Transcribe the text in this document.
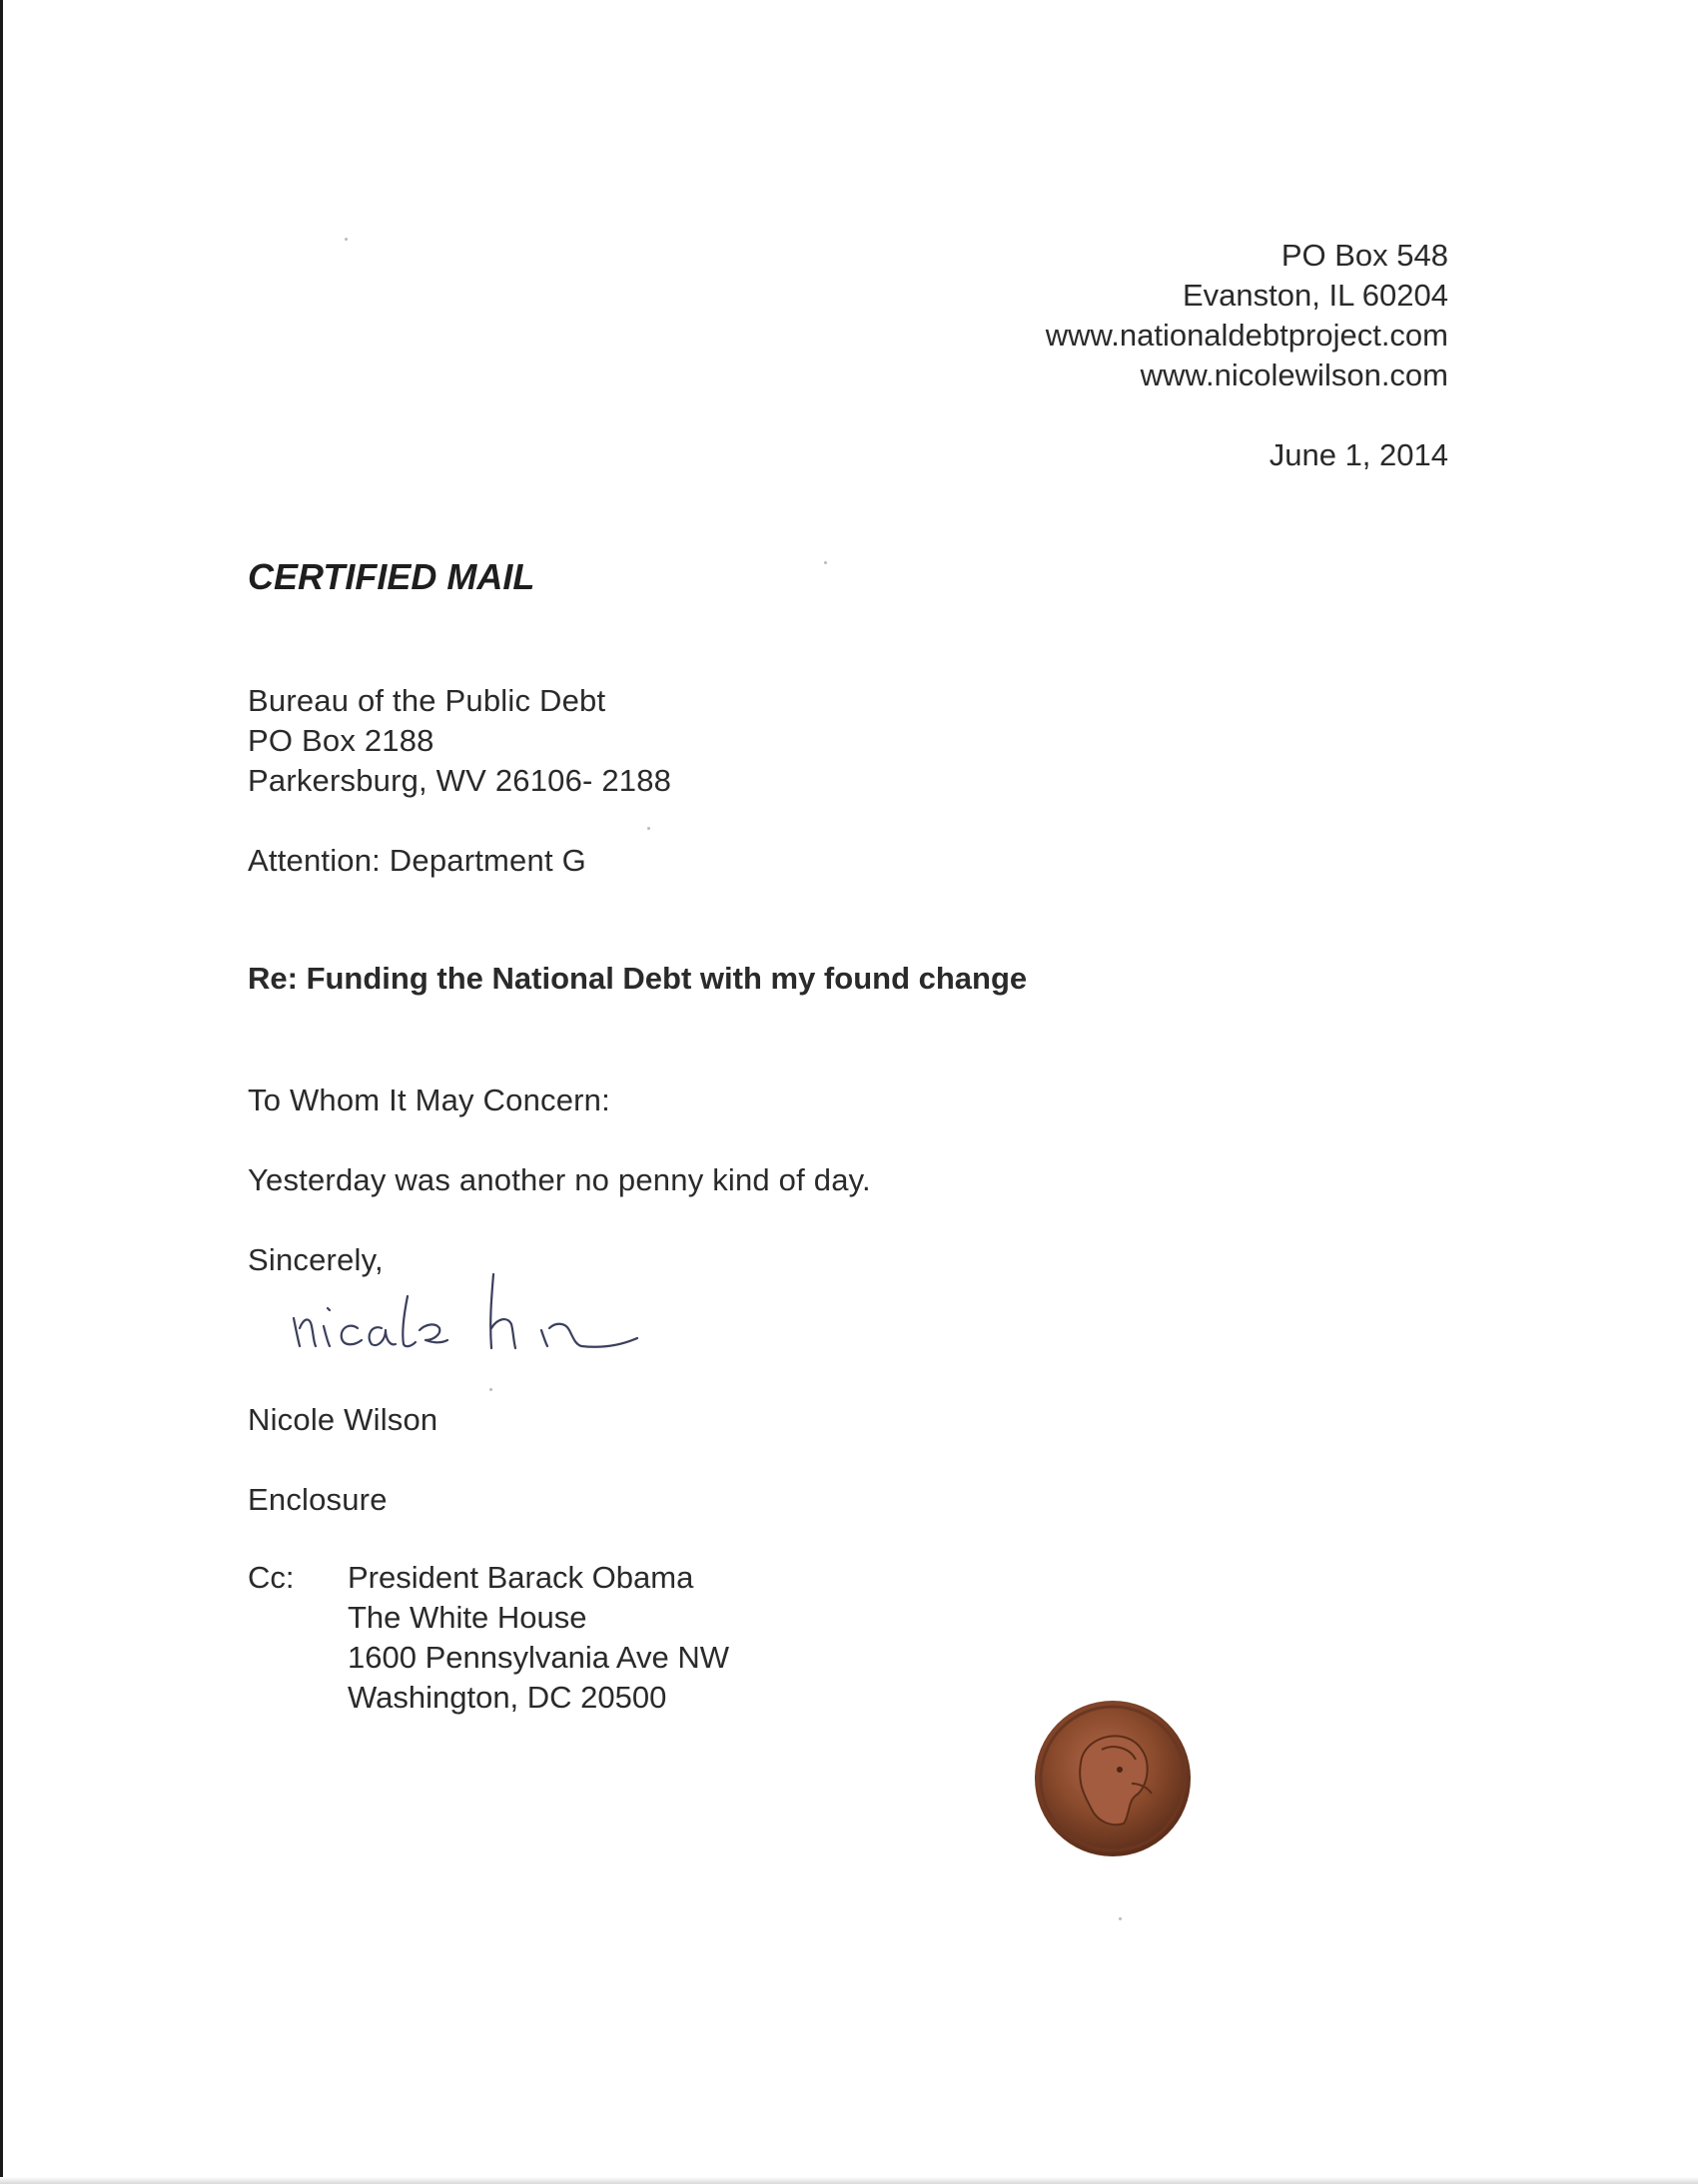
PO Box 548
Evanston, IL 60204
www.nationaldebtproject.com
www.nicolewilson.com
June 1, 2014
CERTIFIED MAIL
Bureau of the Public Debt
PO Box 2188
Parkersburg, WV 26106- 2188
Attention: Department G
Re: Funding the National Debt with my found change
To Whom It May Concern:
Yesterday was another no penny kind of day.
Sincerely,
Nicole Wilson
Enclosure
Cc: President Barack Obama
The White House
1600 Pennsylvania Ave NW
Washington, DC 20500
